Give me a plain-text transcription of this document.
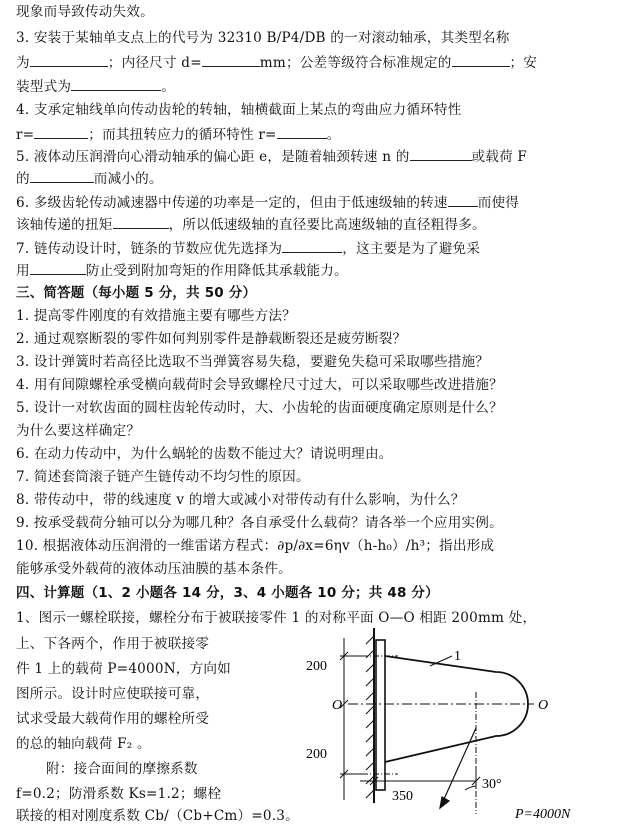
现象而导致传动失效。
3. 安装于某轴单支点上的代号为 32310 B/P4/DB 的一对滚动轴承，其类型名称
为	；内径尺寸 d=	mm；公差等级符合标准规定的	；安
装型式为	。
4. 支承定轴线单向传动齿轮的转轴，轴横截面上某点的弯曲应力循环特性
r=	；而其扭转应力的循环特性 r=	。
5. 液体动压润滑向心滑动轴承的偏心距 e，是随着轴颈转速 n 的	或载荷 F
的	而减小的。
6. 多级齿轮传动减速器中传递的功率是一定的，但由于低速级轴的转速 而使得
该轴传递的扭矩	，所以低速级轴的直径要比高速级轴的直径粗得多。
7. 链传动设计时，链条的节数应优先选择为	，这主要是为了避免采
用	防止受到附加弯矩的作用降低其承载能力。
三、简答题（每小题 5 分，共 50 分）
1. 提高零件刚度的有效措施主要有哪些方法？
2. 通过观察断裂的零件如何判别零件是静载断裂还是疲劳断裂？
3. 设计弹簧时若高径比选取不当弹簧容易失稳，要避免失稳可采取哪些措施？
4. 用有间隙螺栓承受横向载荷时会导致螺栓尺寸过大，可以采取哪些改进措施？
5. 设计一对软齿面的圆柱齿轮传动时，大、小齿轮的齿面硬度确定原则是什么？
为什么要这样确定？
6. 在动力传动中，为什么蜗轮的齿数不能过大？请说明理由。
7. 简述套筒滚子链产生链传动不均匀性的原因。
8. 带传动中，带的线速度 v 的增大或减小对带传动有什么影响，为什么？
9. 按承受载荷分轴可以分为哪几种？各自承受什么载荷？请各举一个应用实例。
10. 根据液体动压润滑的一维雷诺方程式：∂p/∂x=6ηv（h-h₀）/h³；指出形成
能够承受外载荷的液体动压油膜的基本条件。
四、计算题（1、2 小题各 14 分，3、4 小题各 10 分；共 48 分）
1、图示一螺栓联接，螺栓分布于被联接零件 1 的对称平面 O—O 相距 200mm 处，
上、下各两个，作用于被联接零
件 1 上的载荷 P=4000N，方向如
图所示。设计时应使联接可靠，
试求受最大载荷作用的螺栓所受
的总的轴向载荷 F₂ 。
附：接合面间的摩擦系数
f=0.2；防滑系数 Ks=1.2；螺栓
联接的相对刚度系数 Cb/（Cb+Cm）=0.3。
O	O
1
200
200
350
30°
P=4000N
